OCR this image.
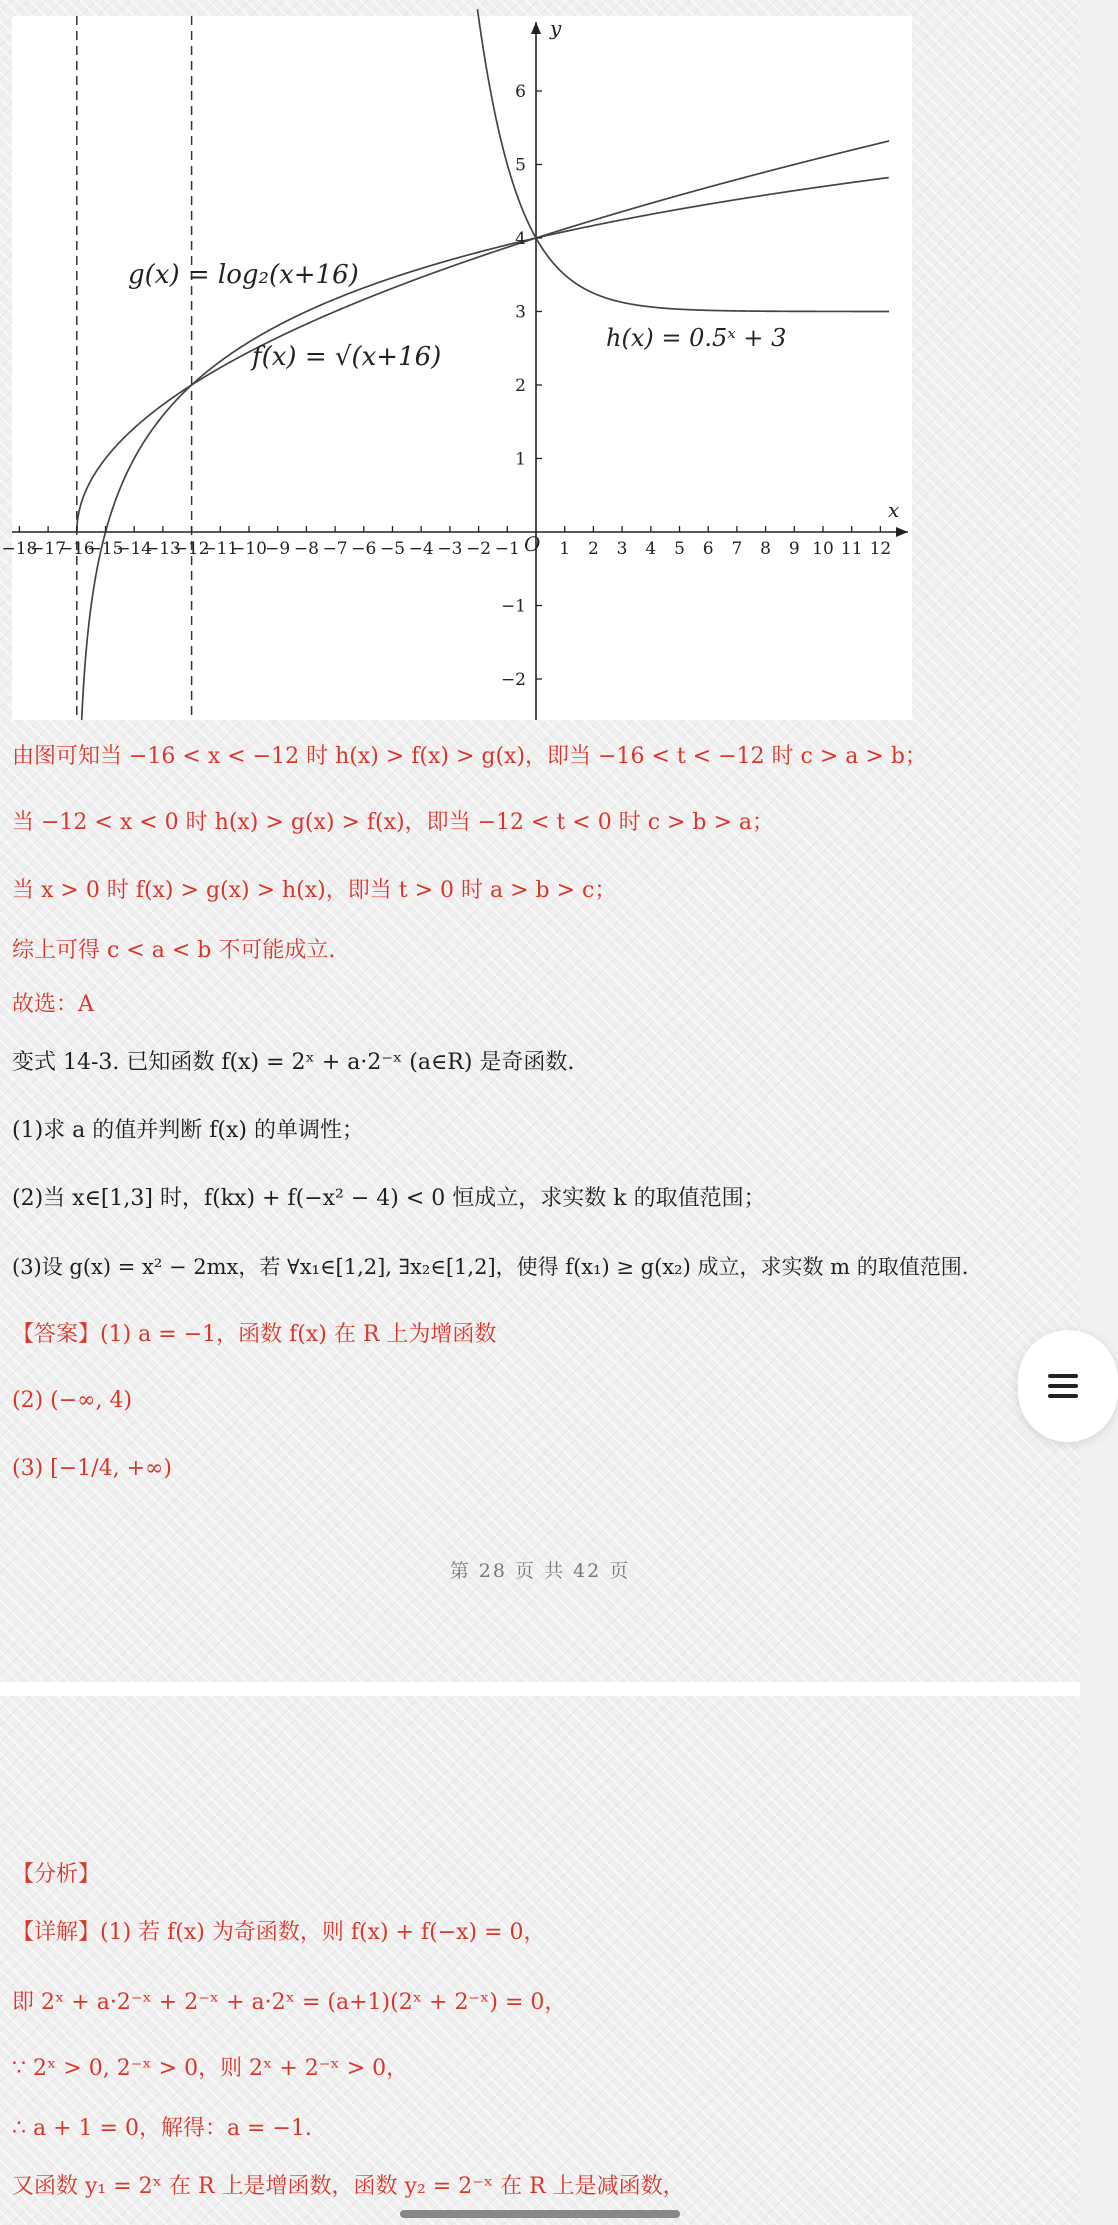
−18
−17
−16
−15
−14
−13
−12
−11
−10
−9 −8 −7 −6 −5 −4 −3 −2 −1 1 2 3 4 5 6 7 8 9 10 11 12
6
5
4
3
2
1
−1
−2
g(x) = log₂(x+16)
f(x) = √(x+16)
h(x) = 0.5ˣ + 3
x
y
O
由图可知当 −16 < x < −12 时 h(x) > f(x) > g(x)，即当 −16 < t < −12 时 c > a > b；
当 −12 < x < 0 时 h(x) > g(x) > f(x)，即当 −12 < t < 0 时 c > b > a；
当 x > 0 时 f(x) > g(x) > h(x)，即当 t > 0 时 a > b > c；
综上可得 c < a < b 不可能成立.
故选：A
变式 14-3. 已知函数 f(x) = 2ˣ + a·2⁻ˣ (a∈R) 是奇函数.
(1)求 a 的值并判断 f(x) 的单调性；
(2)当 x∈[1,3] 时，f(kx) + f(−x² − 4) < 0 恒成立，求实数 k 的取值范围；
(3)设 g(x) = x² − 2mx，若 ∀x₁∈[1,2], ∃x₂∈[1,2]，使得 f(x₁) ≥ g(x₂) 成立，求实数 m 的取值范围.
【答案】(1) a = −1，函数 f(x) 在 R 上为增函数
(2) (−∞, 4)
(3) [−1/4, +∞)
第 28 页 共 42 页
【分析】
【详解】(1) 若 f(x) 为奇函数，则 f(x) + f(−x) = 0，
即 2ˣ + a·2⁻ˣ + 2⁻ˣ + a·2ˣ = (a+1)(2ˣ + 2⁻ˣ) = 0，
∵ 2ˣ > 0, 2⁻ˣ > 0，则 2ˣ + 2⁻ˣ > 0，
∴ a + 1 = 0，解得：a = −1.
又函数 y₁ = 2ˣ 在 R 上是增函数，函数 y₂ = 2⁻ˣ 在 R 上是减函数，
